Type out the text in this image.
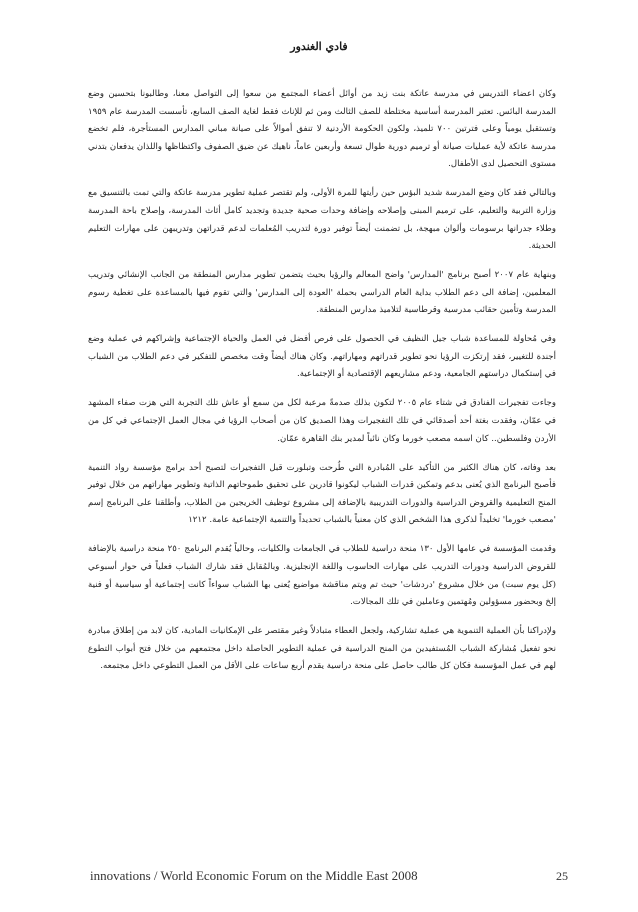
فادي الغندور

وكان اعضاء التدريس في مدرسة عاتكة بنت زيد من أوائل أعضاء المجتمع من سعوا إلى التواصل معنا، وطالبونا بتحسين وضع المدرسة البائس. تعتبر المدرسة أساسية مختلطة للصف الثالث ومن ثم للإناث فقط لغاية الصف السابع، تأسست المدرسة عام ١٩٥٩ وتستقبل يومياً وعلى فترتين ٧٠٠ تلميذ، ولكون الحكومة الأردنية لا تنفق أموالاً على صيانة مباني المدارس المستأجرة، فلم تخضع مدرسة عاتكة لأية عمليات صيانة أو ترميم دورية طوال تسعة وأربعين عاماً، ناهيك عن ضيق الصفوف واكتظاظها واللذان يدفعان بتدني مستوى التحصيل لدى الأطفال.

وبالتالي فقد كان وضع المدرسة شديد البؤس حين رأيتها للمرة الأولى، ولم تقتصر عملية تطوير مدرسة عاتكة والتي تمت بالتنسيق مع وزارة التربية والتعليم، على ترميم المبنى وإصلاحه وإضافة وحدات صحية جديدة وتجديد كامل أثاث المدرسة، وإصلاح باحة المدرسة وطلاء جدرانها برسومات وألوان مبهجة، بل تضمنت أيضاً توفير دورة لتدريب المُعلمات لدعم قدراتهن وتدريبهن على مهارات التعليم الحديثة.

وبنهاية عام ٢٠٠٧ أصبح برنامج 'المدارس' واضح المعالم والرؤيا بحيث يتضمن تطوير مدارس المنطقة من الجانب الإنشائي وتدريب المعلمين، إضافة الى دعم الطلاب بداية العام الدراسي بحملة 'العودة إلى المدارس' والتي تقوم فيها بالمساعدة على تغطية رسوم المدرسة وتأمين حقائب مدرسية وقرطاسية لتلاميذ مدارس المنطقة.

وفي مُحاولة للمساعدة شباب جيل النظيف في الحصول على فرص أفضل في العمل والحياة الإجتماعية وإشراكهم في عملية وضع أجندة للتغيير، فقد إرتكزت الرؤيا نحو تطوير قدراتهم ومهاراتهم. وكان هناك أيضاً وقت مخصص للتفكير في دعم الطلاب من الشباب في إستكمال دراستهم الجامعية، ودعم مشاريعهم الإقتصادية أو الإجتماعية.

وجاءت تفجيرات الفنادق في شتاء عام ٢٠٠٥ لتكون بذلك صدمةً مرعبة لكل من سمع أو عاش تلك التجربة التي هزت صفاء المشهد في عمّان، وفقدت بغتة أحد أصدقائي في تلك التفجيرات وهذا الصديق كان من أصحاب الرؤيا في مجال العمل الإجتماعي في كل من الأردن وفلسطين.. كان اسمه مصعب خورما وكان نائباً لمدير بنك القاهرة عمّان.

بعد وفاته، كان هناك الكثير من التأكيد على المُبادرة التي طُرحت وتبلورت قبل التفجيرات لتصبح أحد برامج مؤسسة رواد التنمية فأصبح البرنامج الذي يُعنى بدعم وتمكين قدرات الشباب ليكونوا قادرين على تحقيق طموحاتهم الذاتية وتطوير مهاراتهم من خلال توفير المنح التعليمية والقروض الدراسية والدورات التدريبية بالإضافة إلى مشروع توظيف الخريجين من الطلاب، وأطلقنا على البرنامج إسم 'مصعب خورما' تخليداً لذكرى هذا الشخص الذي كان معنياً بالشباب تحديداً والتنمية الإجتماعية عامة. ١٢١٢

وقدمت المؤسسة في عامها الأول ١٣٠ منحة دراسية للطلاب في الجامعات والكليات، وحالياً يُقدم البرنامج ٢٥٠ منحة دراسية بالإضافة للقروض الدراسية ودورات التدريب على مهارات الحاسوب واللغة الإنجليزية. وبالمُقابل فقد شارك الشباب فعلياً في حوار أسبوعي (كل يوم سبت) من خلال مشروع 'دردشات' حيث تم ويتم مناقشة مواضيع يُعنى بها الشباب سواءاً كانت إجتماعية أو سياسية أو فنية إلخ وبحضور مسؤولين ومُهتمين وعاملين في تلك المجالات.

ولإدراكنا بأن العملية التنموية هي عملية تشاركية، ولجعل العطاء متبادلاً وغير مقتصر على الإمكانيات المادية، كان لابد من إطلاق مبادرة نحو تفعيل مُشاركة الشباب المُستفيدين من المنح الدراسية في عملية التطوير الحاصلة داخل مجتمعهم من خلال فتح أبواب التطوع لهم في عمل المؤسسة فكان كل طالب حاصل على منحة دراسية يقدم أربع ساعات على الأقل من العمل التطوعي داخل مجتمعه.

innovations / World Economic Forum on the Middle East 2008	25
